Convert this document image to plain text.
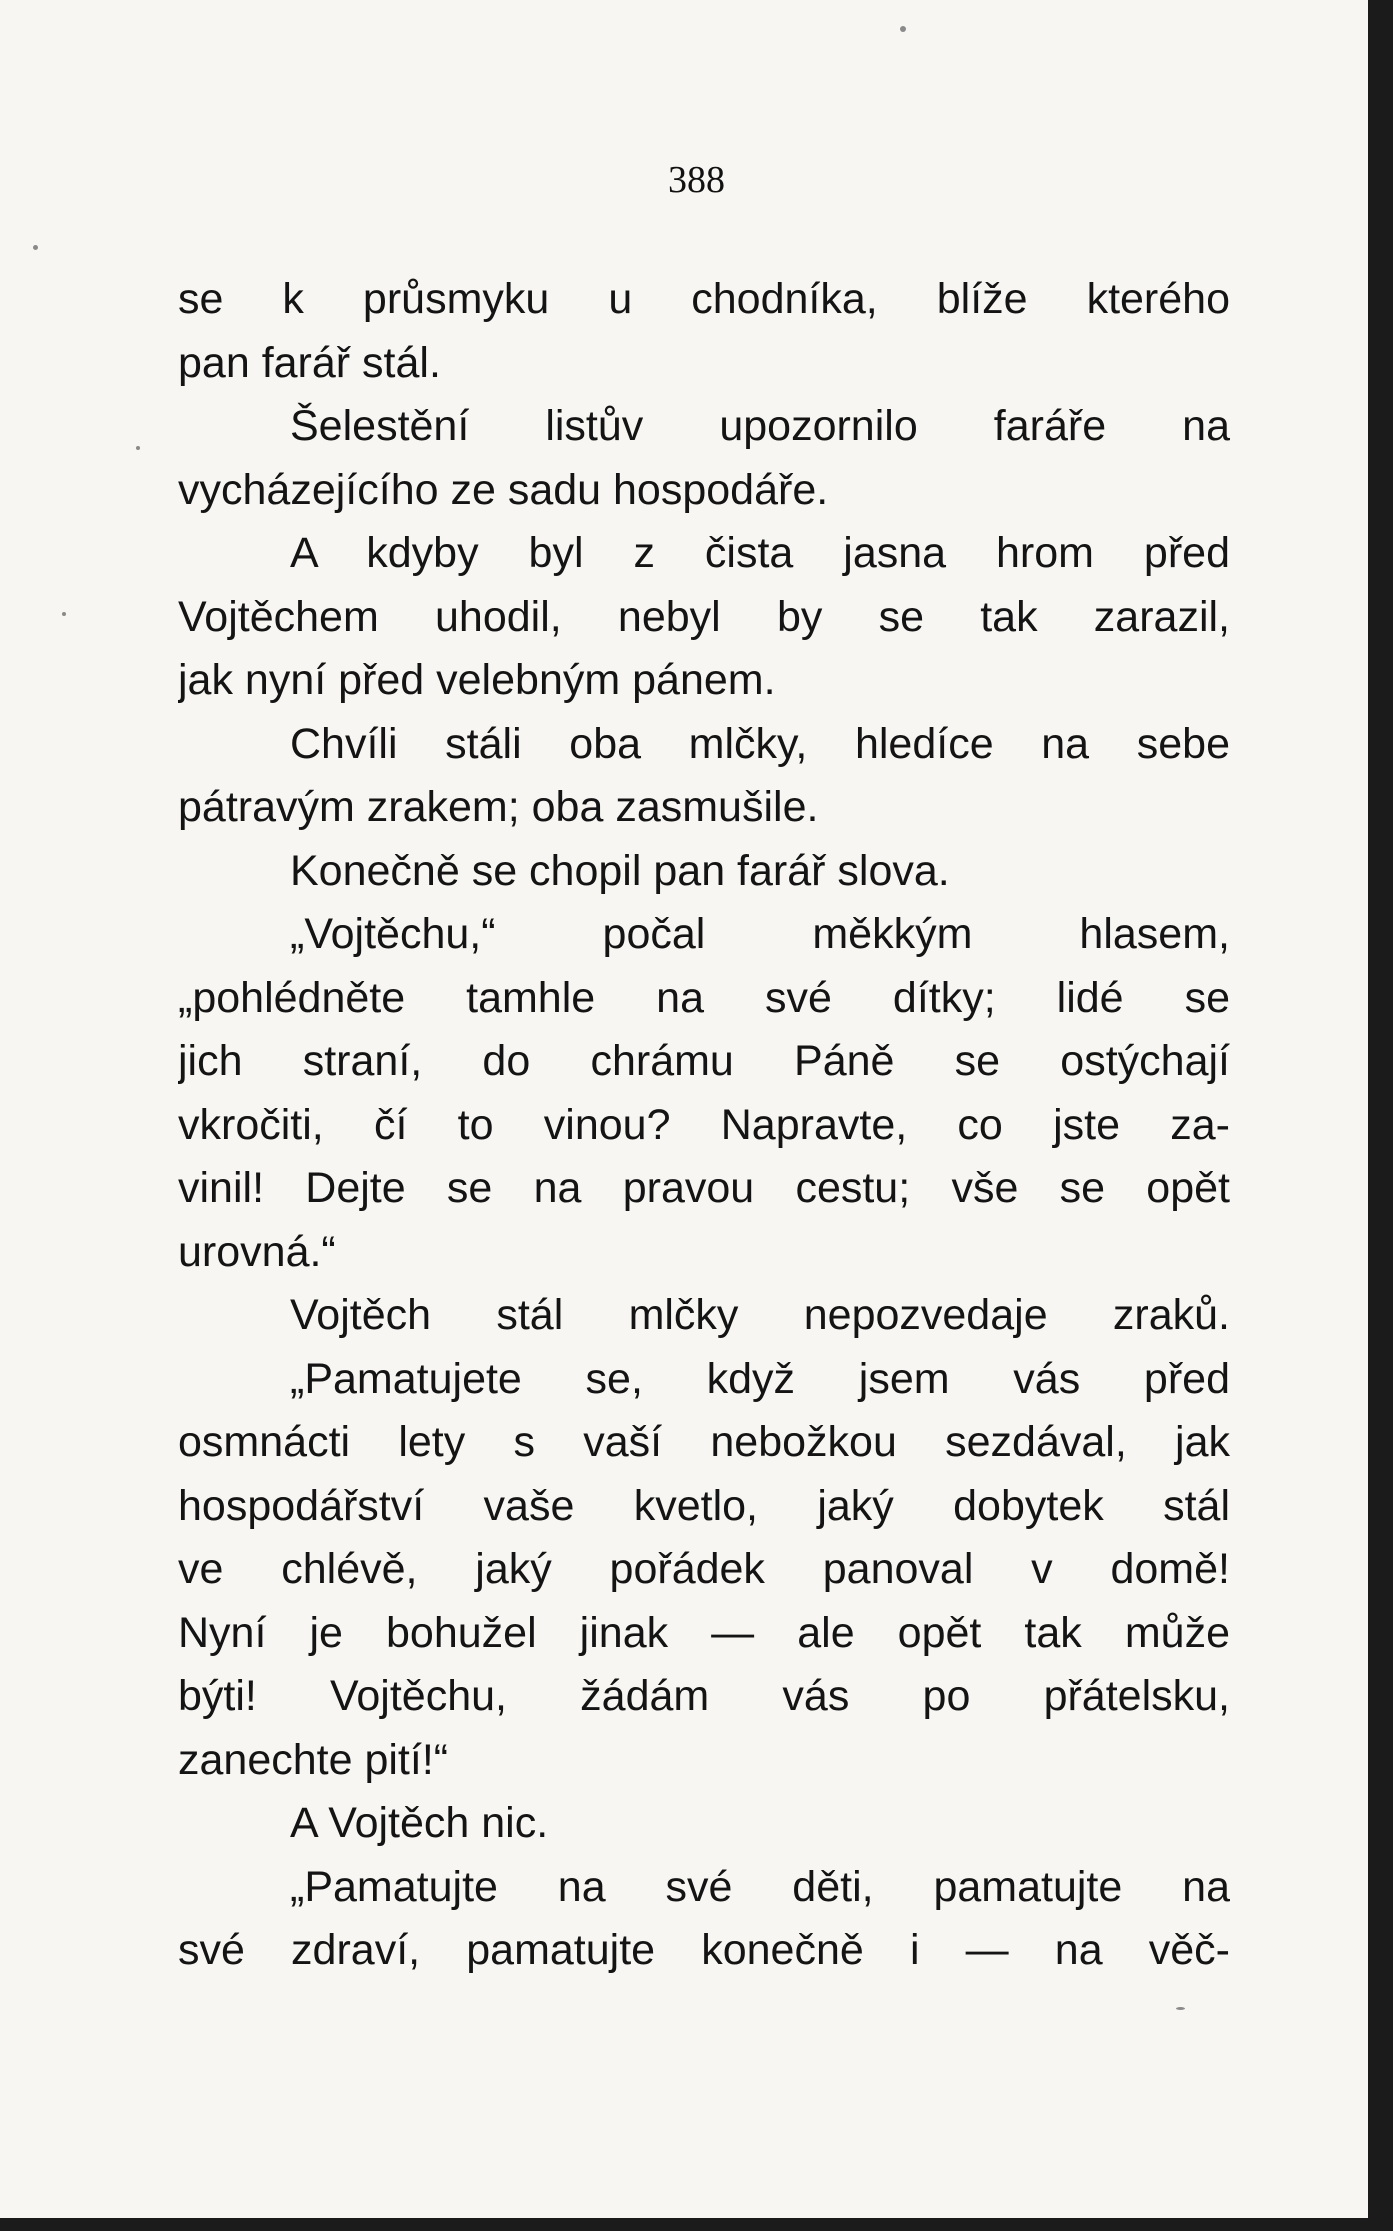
388

se k průsmyku u chodníka, blíže kterého
pan farář stál.
Šelestění listův upozornilo faráře na
vycházejícího ze sadu hospodáře.
A kdyby byl z čista jasna hrom před
Vojtěchem uhodil, nebyl by se tak zarazil,
jak nyní před velebným pánem.
Chvíli stáli oba mlčky, hledíce na sebe
pátravým zrakem; oba zasmušile.
Konečně se chopil pan farář slova.
„Vojtěchu,“ počal měkkým hlasem,
„pohlédněte tamhle na své dítky; lidé se
jich straní, do chrámu Páně se ostýchají
vkročiti, čí to vinou? Napravte, co jste za-
vinil! Dejte se na pravou cestu; vše se opět
urovná.“
Vojtěch stál mlčky nepozvedaje zraků.
„Pamatujete se, když jsem vás před
osmnácti lety s vaší nebožkou sezdával, jak
hospodářství vaše kvetlo, jaký dobytek stál
ve chlévě, jaký pořádek panoval v domě!
Nyní je bohužel jinak — ale opět tak může
býti! Vojtěchu, žádám vás po přátelsku,
zanechte pití!“
A Vojtěch nic.
„Pamatujte na své děti, pamatujte na
své zdraví, pamatujte konečně i — na věč-
